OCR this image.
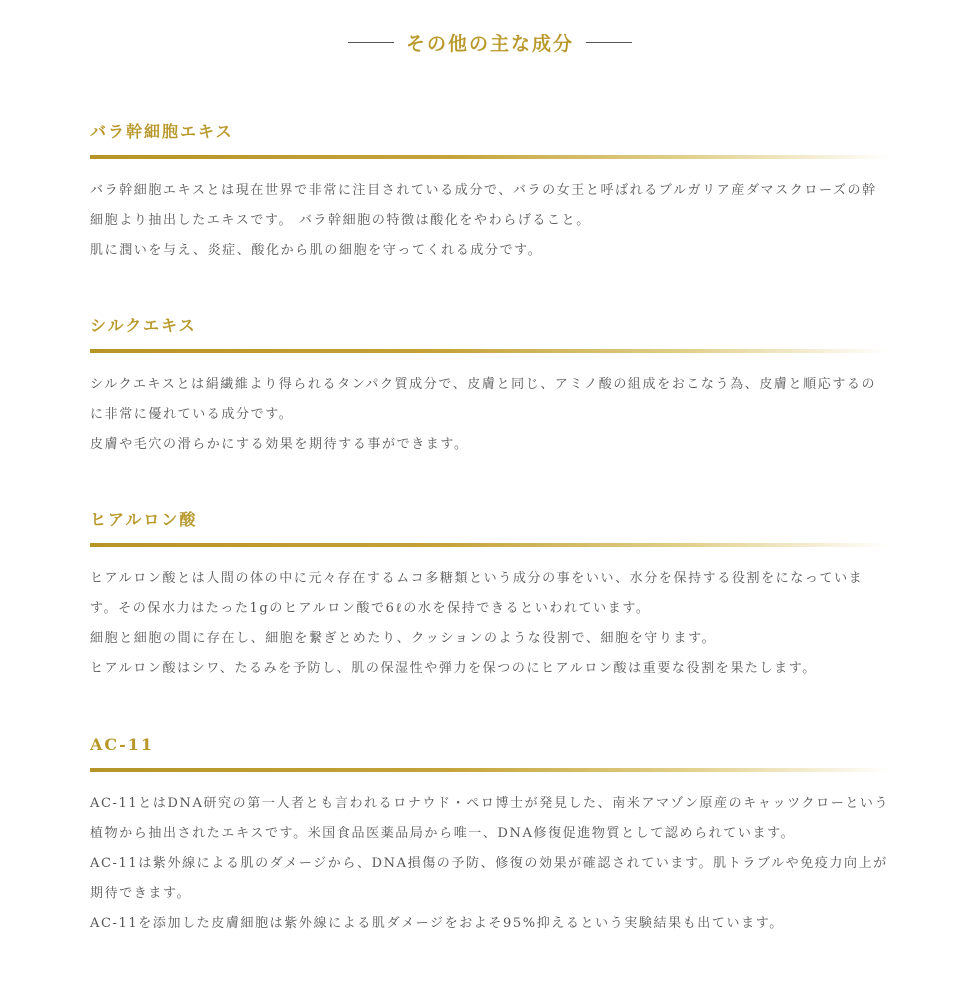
その他の主な成分
バラ幹細胞エキス
バラ幹細胞エキスとは現在世界で非常に注目されている成分で、バラの女王と呼ばれるブルガリア産ダマスクローズの幹細胞より抽出したエキスです。 バラ幹細胞の特徴は酸化をやわらげること。
肌に潤いを与え、炎症、酸化から肌の細胞を守ってくれる成分です。
シルクエキス
シルクエキスとは絹繊維より得られるタンパク質成分で、皮膚と同じ、アミノ酸の組成をおこなう為、皮膚と順応するのに非常に優れている成分です。
皮膚や毛穴の滑らかにする効果を期待する事ができます。
ヒアルロン酸
ヒアルロン酸とは人間の体の中に元々存在するムコ多糖類という成分の事をいい、水分を保持する役割をになっています。その保水力はたった1gのヒアルロン酸で6ℓの水を保持できるといわれています。
細胞と細胞の間に存在し、細胞を繋ぎとめたり、クッションのような役割で、細胞を守ります。
ヒアルロン酸はシワ、たるみを予防し、肌の保湿性や弾力を保つのにヒアルロン酸は重要な役割を果たします。
AC-11
AC-11とはDNA研究の第一人者とも言われるロナウド・ペロ博士が発見した、南米アマゾン原産のキャッツクローという植物から抽出されたエキスです。米国食品医薬品局から唯一、DNA修復促進物質として認められています。
AC-11は紫外線による肌のダメージから、DNA損傷の予防、修復の効果が確認されています。肌トラブルや免疫力向上が期待できます。
AC-11を添加した皮膚細胞は紫外線による肌ダメージをおよそ95%抑えるという実験結果も出ています。
